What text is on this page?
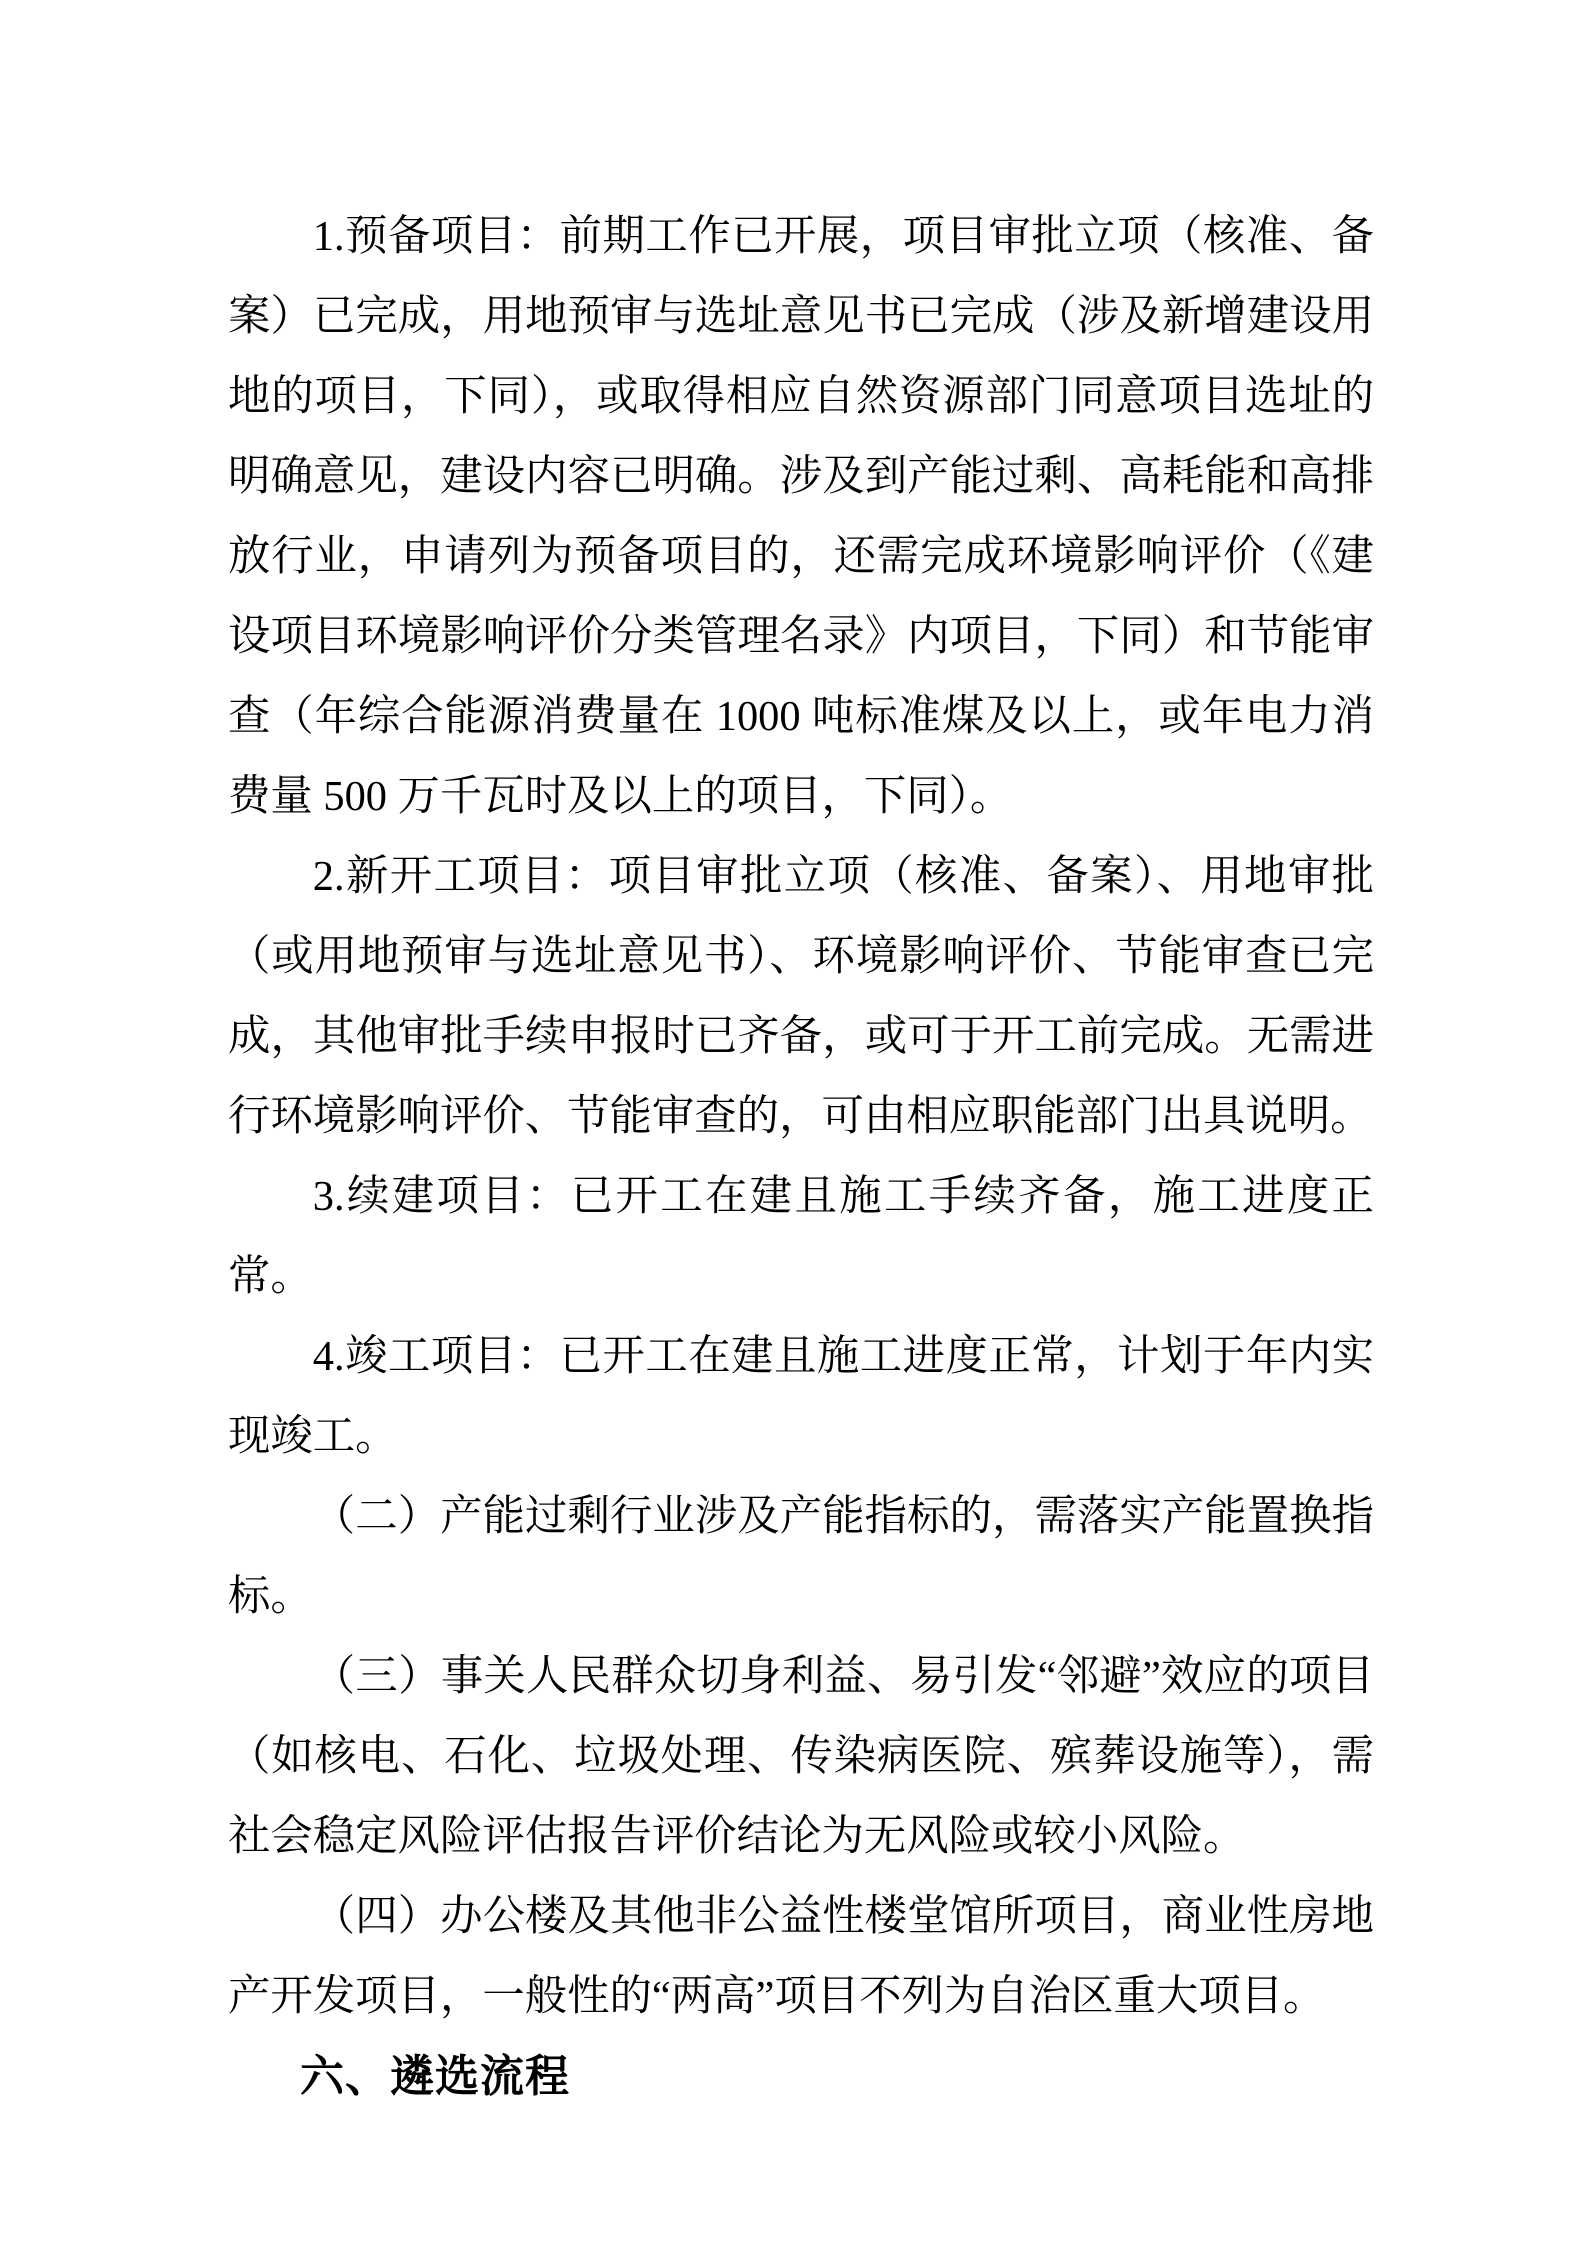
1.预备项目：前期工作已开展，项目审批立项（核准、备案）已完成，用地预审与选址意见书已完成（涉及新增建设用地的项目，下同），或取得相应自然资源部门同意项目选址的明确意见，建设内容已明确。涉及到产能过剩、高耗能和高排放行业，申请列为预备项目的，还需完成环境影响评价（《建设项目环境影响评价分类管理名录》内项目，下同）和节能审查（年综合能源消费量在 1000 吨标准煤及以上，或年电力消费量 500 万千瓦时及以上的项目，下同）。

2.新开工项目：项目审批立项（核准、备案）、用地审批（或用地预审与选址意见书）、环境影响评价、节能审查已完成，其他审批手续申报时已齐备，或可于开工前完成。无需进行环境影响评价、节能审查的，可由相应职能部门出具说明。

3.续建项目：已开工在建且施工手续齐备，施工进度正常。

4.竣工项目：已开工在建且施工进度正常，计划于年内实现竣工。

（二）产能过剩行业涉及产能指标的，需落实产能置换指标。

（三）事关人民群众切身利益、易引发“邻避”效应的项目（如核电、石化、垃圾处理、传染病医院、殡葬设施等），需社会稳定风险评估报告评价结论为无风险或较小风险。

（四）办公楼及其他非公益性楼堂馆所项目，商业性房地产开发项目，一般性的“两高”项目不列为自治区重大项目。

六、遴选流程
